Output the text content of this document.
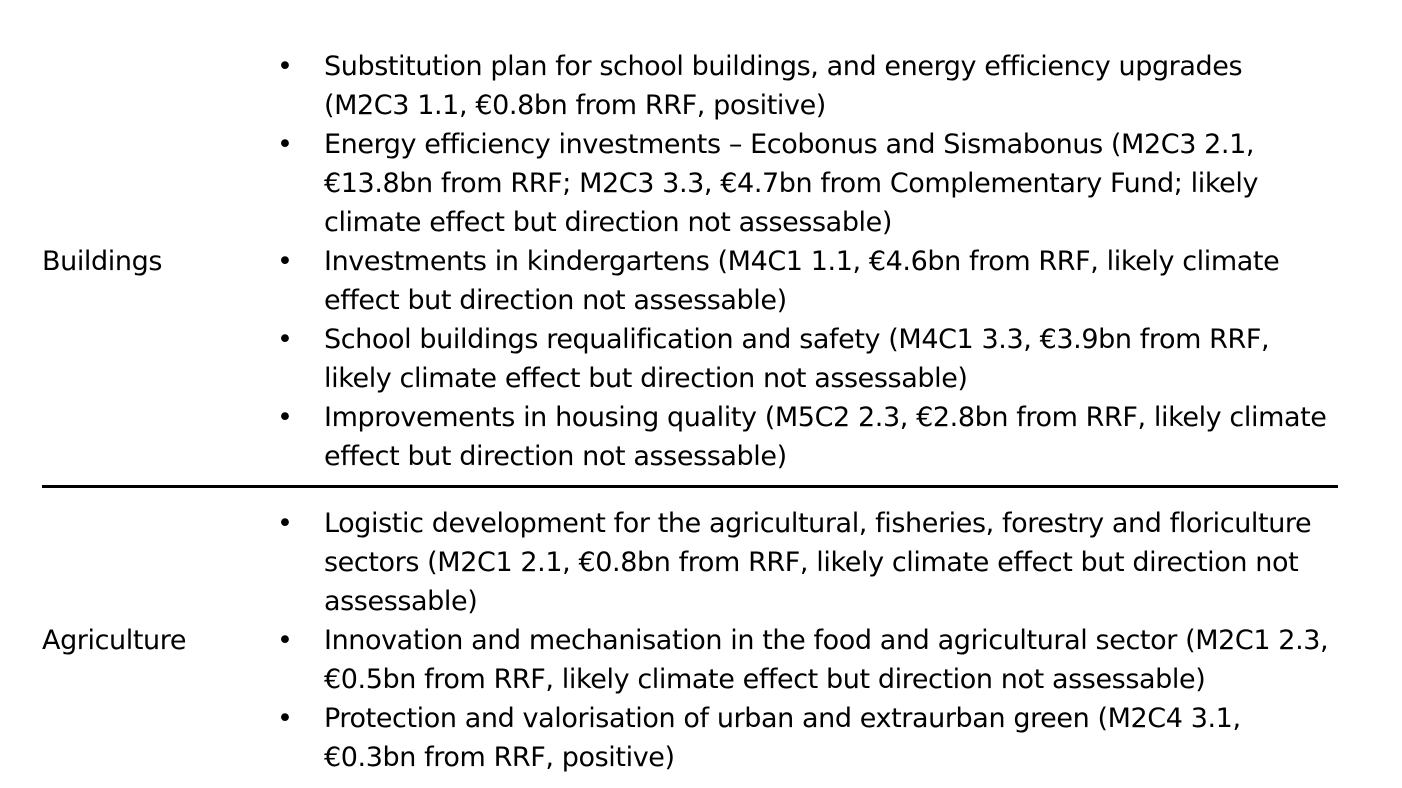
Buildings
• Substitution plan for school buildings, and energy efficiency upgrades (M2C3 1.1, €0.8bn from RRF, positive)
• Energy efficiency investments – Ecobonus and Sismabonus (M2C3 2.1, €13.8bn from RRF; M2C3 3.3, €4.7bn from Complementary Fund; likely climate effect but direction not assessable)
• Investments in kindergartens (M4C1 1.1, €4.6bn from RRF, likely climate effect but direction not assessable)
• School buildings requalification and safety (M4C1 3.3, €3.9bn from RRF, likely climate effect but direction not assessable)
• Improvements in housing quality (M5C2 2.3, €2.8bn from RRF, likely climate effect but direction not assessable)
Agriculture
• Logistic development for the agricultural, fisheries, forestry and floriculture sectors (M2C1 2.1, €0.8bn from RRF, likely climate effect but direction not assessable)
• Innovation and mechanisation in the food and agricultural sector (M2C1 2.3, €0.5bn from RRF, likely climate effect but direction not assessable)
• Protection and valorisation of urban and extraurban green (M2C4 3.1, €0.3bn from RRF, positive)
